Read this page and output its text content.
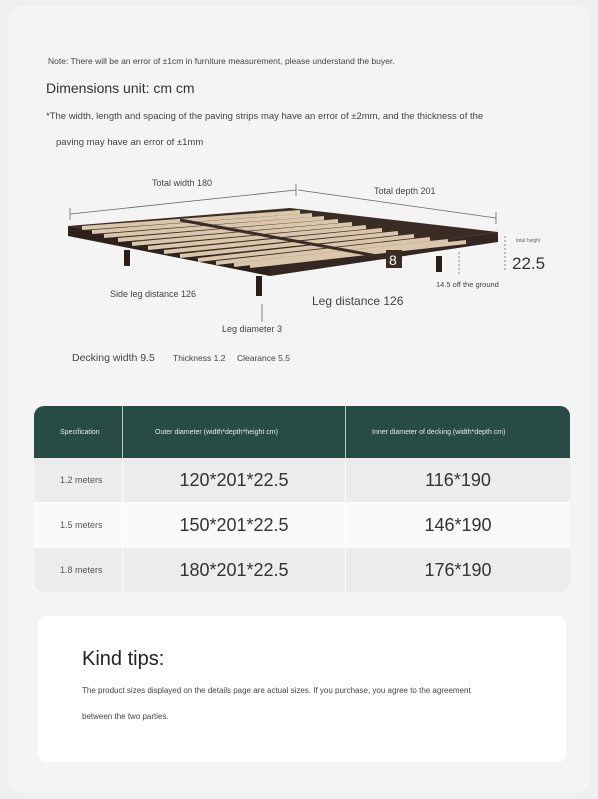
Note: There will be an error of ±1cm in furniture measurement, please understand the buyer.
Dimensions unit: cm cm
*The width, length and spacing of the paving strips may have an error of ±2mm, and the thickness of the
paving may have an error of ±1mm
Total width 180
Total depth 201
total height
22.5
8
14.5 off the ground
Side leg distance 126	Leg distance 126
Leg diameter 3
Decking width 9.5 Thickness 1.2 Clearance 5.5
Specification	Outer diameter (width*depth*height cm)	Inner diameter of decking (width*depth cm)
1.2 meters	120*201*22.5	116*190
1.5 meters	150*201*22.5	146*190
1.8 meters	180*201*22.5	176*190
Kind tips:
The product sizes displayed on the details page are actual sizes. If you purchase, you agree to the agreement
between the two parties.
